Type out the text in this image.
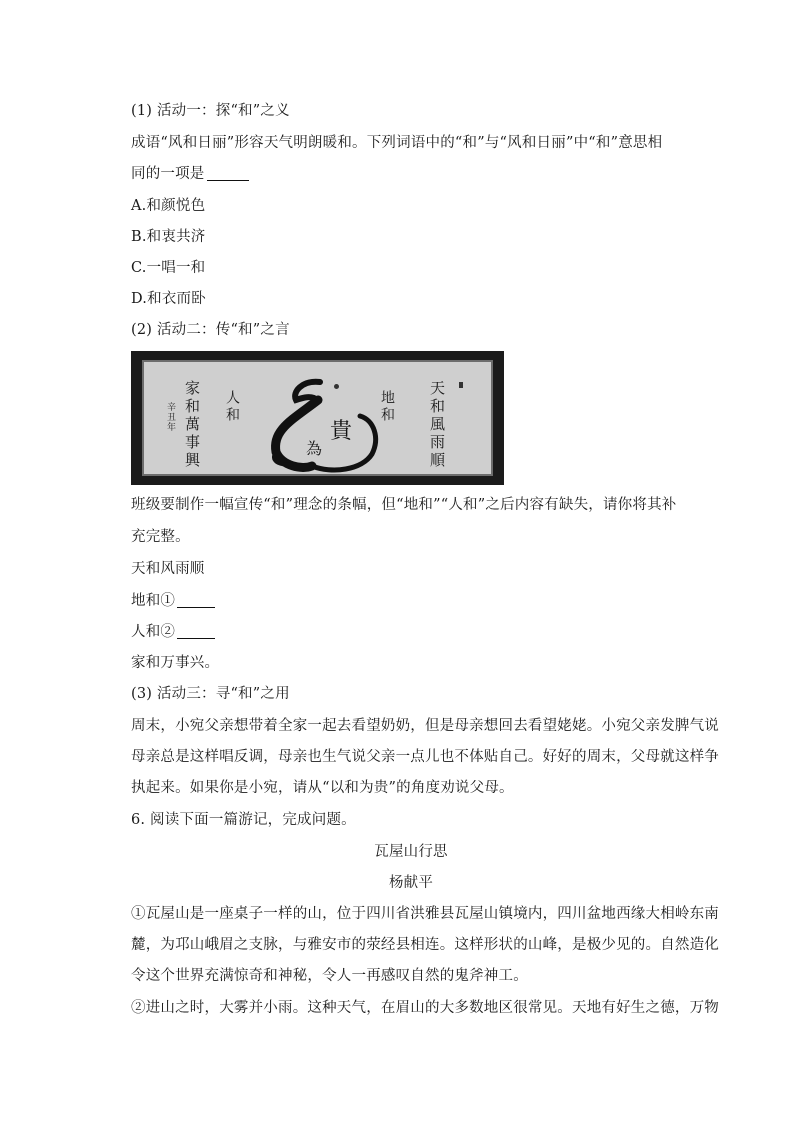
(1) 活动一：探“和”之义
成语“风和日丽”形容天气明朗暖和。下列词语中的“和”与“风和日丽”中“和”意思相
同的一项是
A.和颜悦色
B.和衷共济
C.一唱一和
D.和衣而卧
(2) 活动二：传“和”之言
班级要制作一幅宣传“和”理念的条幅，但“地和”“人和”之后内容有缺失，请你将其补
充完整。
天和风雨顺
地和①
人和②
家和万事兴。
(3) 活动三：寻“和”之用
周末，小宛父亲想带着全家一起去看望奶奶，但是母亲想回去看望姥姥。小宛父亲发脾气说
母亲总是这样唱反调，母亲也生气说父亲一点儿也不体贴自己。好好的周末，父母就这样争
执起来。如果你是小宛，请从“以和为贵”的角度劝说父母。
6. 阅读下面一篇游记，完成问题。
瓦屋山行思
杨献平
①瓦屋山是一座桌子一样的山，位于四川省洪雅县瓦屋山镇境内，四川盆地西缘大相岭东南
麓，为邛山峨眉之支脉，与雅安市的荥经县相连。这样形状的山峰，是极少见的。自然造化
令这个世界充满惊奇和神秘，令人一再感叹自然的鬼斧神工。
②进山之时，大雾并小雨。这种天气，在眉山的大多数地区很常见。天地有好生之德，万物
天和風雨順
地和
人和
家和萬事興
辛丑年	貴
為
